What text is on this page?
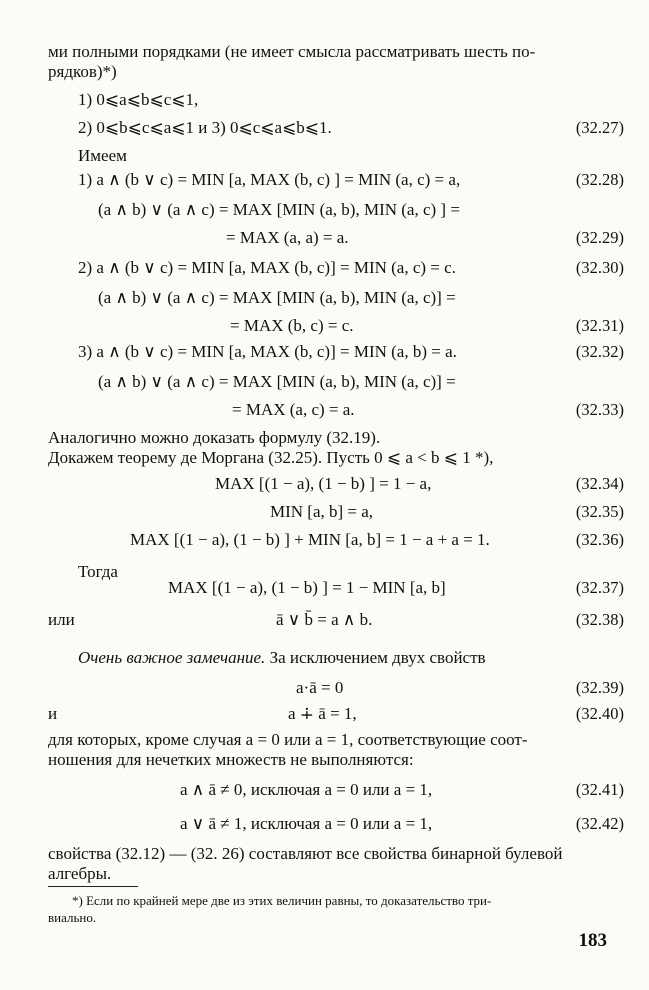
ми полными порядками (не имеет смысла рассматривать шесть по-
рядков)*)
1) 0⩽a⩽b⩽c⩽1,
2) 0⩽b⩽c⩽a⩽1 и 3) 0⩽c⩽a⩽b⩽1.	(32.27)
Имеем
1) a ∧ (b ∨ c) = MIN [a, MAX (b, c) ] = MIN (a, c) = a,	(32.28)
(a ∧ b) ∨ (a ∧ c) = MAX [MIN (a, b), MIN (a, c) ] =
= MAX (a, a) = a.	(32.29)
2) a ∧ (b ∨ c) = MIN [a, MAX (b, c)] = MIN (a, c) = c.	(32.30)
(a ∧ b) ∨ (a ∧ c) = MAX [MIN (a, b), MIN (a, c)] =
= MAX (b, c) = c.	(32.31)
3) a ∧ (b ∨ c) = MIN [a, MAX (b, c)] = MIN (a, b) = a.	(32.32)
(a ∧ b) ∨ (a ∧ c) = MAX [MIN (a, b), MIN (a, c)] =
= MAX (a, c) = a.	(32.33)
Аналогично можно доказать формулу (32.19).
Докажем теорему де Моргана (32.25). Пусть 0 ⩽ a < b ⩽ 1 *),
MAX [(1 − a), (1 − b) ] = 1 − a,	(32.34)
MIN [a, b] = a,	(32.35)
MAX [(1 − a), (1 − b) ] + MIN [a, b] = 1 − a + a = 1.	(32.36)
Тогда
MAX [(1 − a), (1 − b) ] = 1 − MIN [a, b]	(32.37)
или	ā ∨ b̄ = a ∧ b.	(32.38)
Очень важное замечание. За исключением двух свойств
a·ā = 0	(32.39)
и	a ∔ ā = 1,	(32.40)
для которых, кроме случая a = 0 или a = 1, соответствующие соот-
ношения для нечетких множеств не выполняются:
a ∧ ā ≠ 0, исключая a = 0 или a = 1,	(32.41)
a ∨ ā ≠ 1, исключая a = 0 или a = 1,	(32.42)
свойства (32.12) — (32. 26) составляют все свойства бинарной булевой
алгебры.
*) Если по крайней мере две из этих величин равны, то доказательство три-
виально.
183
